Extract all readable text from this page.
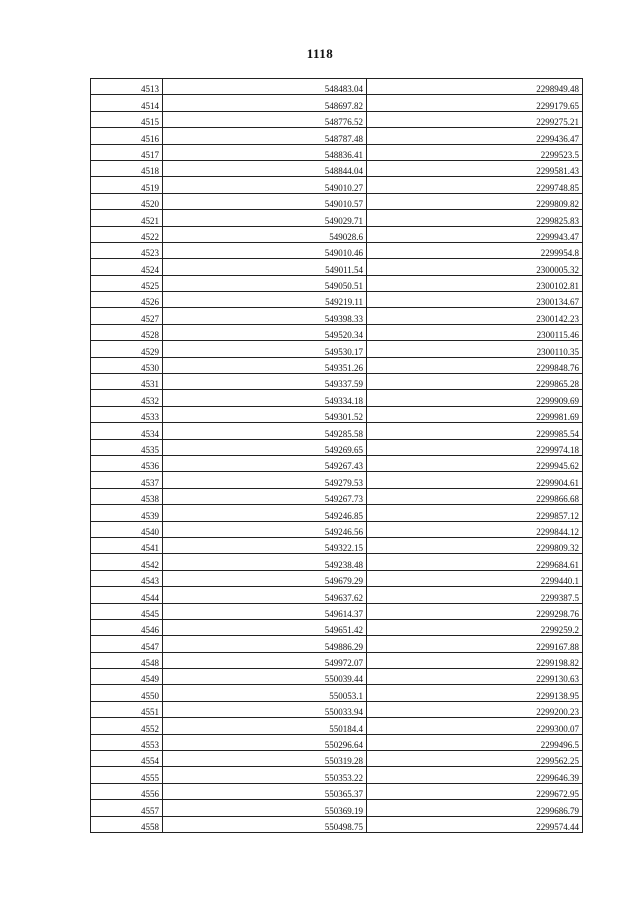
1118
4513	548483.04	2298949.48
4514	548697.82	2299179.65
4515	548776.52	2299275.21
4516	548787.48	2299436.47
4517	548836.41	2299523.5
4518	548844.04	2299581.43
4519	549010.27	2299748.85
4520	549010.57	2299809.82
4521	549029.71	2299825.83
4522	549028.6	2299943.47
4523	549010.46	2299954.8
4524	549011.54	2300005.32
4525	549050.51	2300102.81
4526	549219.11	2300134.67
4527	549398.33	2300142.23
4528	549520.34	2300115.46
4529	549530.17	2300110.35
4530	549351.26	2299848.76
4531	549337.59	2299865.28
4532	549334.18	2299909.69
4533	549301.52	2299981.69
4534	549285.58	2299985.54
4535	549269.65	2299974.18
4536	549267.43	2299945.62
4537	549279.53	2299904.61
4538	549267.73	2299866.68
4539	549246.85	2299857.12
4540	549246.56	2299844.12
4541	549322.15	2299809.32
4542	549238.48	2299684.61
4543	549679.29	2299440.1
4544	549637.62	2299387.5
4545	549614.37	2299298.76
4546	549651.42	2299259.2
4547	549886.29	2299167.88
4548	549972.07	2299198.82
4549	550039.44	2299130.63
4550	550053.1	2299138.95
4551	550033.94	2299200.23
4552	550184.4	2299300.07
4553	550296.64	2299496.5
4554	550319.28	2299562.25
4555	550353.22	2299646.39
4556	550365.37	2299672.95
4557	550369.19	2299686.79
4558	550498.75	2299574.44
